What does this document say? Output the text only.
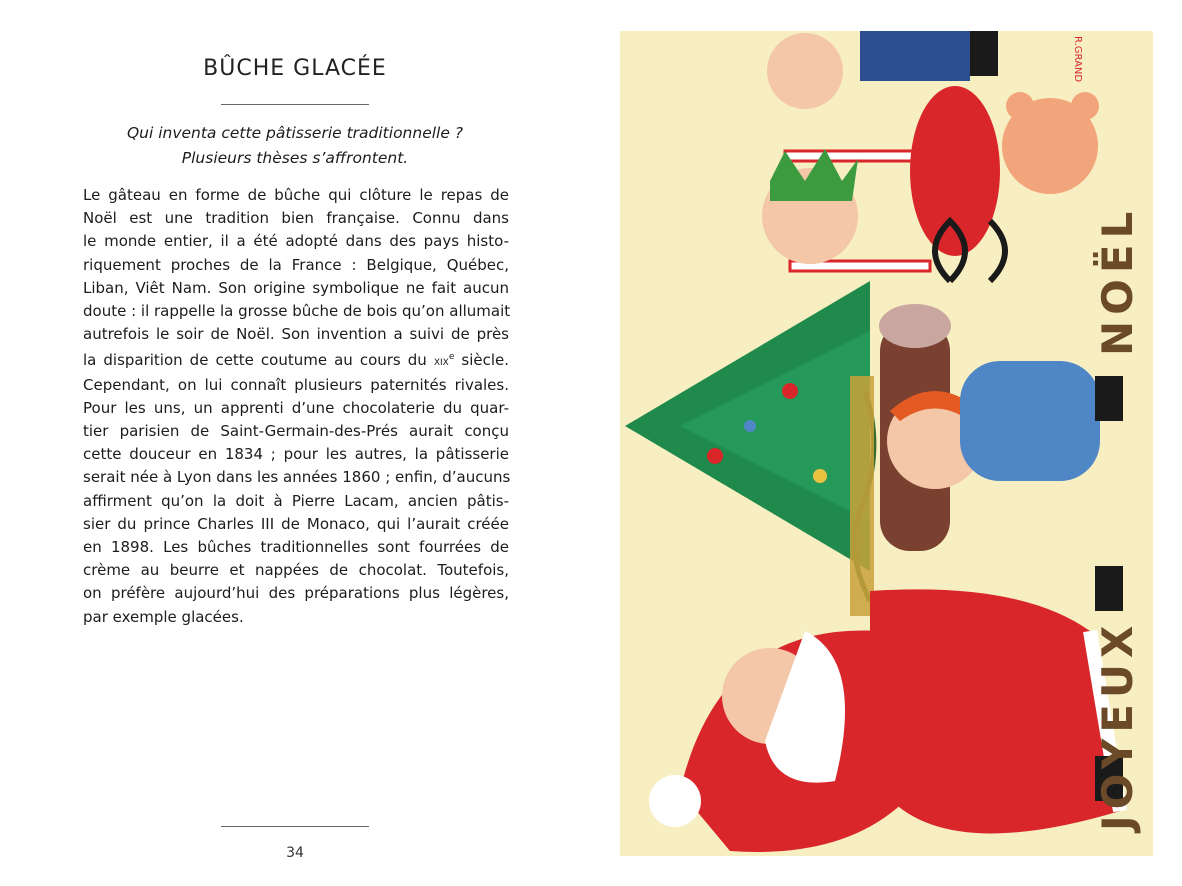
BÛCHE GLACÉE
Qui inventa cette pâtisserie traditionnelle ?
Plusieurs thèses s’affrontent.
Le gâteau en forme de bûche qui clôture le repas de
Noël est une tradition bien française. Connu dans
le monde entier, il a été adopté dans des pays histo-
riquement proches de la France : Belgique, Québec,
Liban, Viêt Nam. Son origine symbolique ne fait aucun
doute : il rappelle la grosse bûche de bois qu’on allumait
autrefois le soir de Noël. Son invention a suivi de près
la disparition de cette coutume au cours du xix$^e$ siècle.
Cependant, on lui connaît plusieurs paternités rivales.
Pour les uns, un apprenti d’une chocolaterie du quar-
tier parisien de Saint-Germain-des-Prés aurait conçu
cette douceur en 1834 ; pour les autres, la pâtisserie
serait née à Lyon dans les années 1860 ; enfin, d’aucuns
affirment qu’on la doit à Pierre Lacam, ancien pâtis-
sier du prince Charles III de Monaco, qui l’aurait créée
en 1898. Les bûches traditionnelles sont fourrées de
crème au beurre et nappées de chocolat. Toutefois,
on préfère aujourd’hui des préparations plus légères,
par exemple glacées.
34
JOYEUX
NOËL
R.GRAND
